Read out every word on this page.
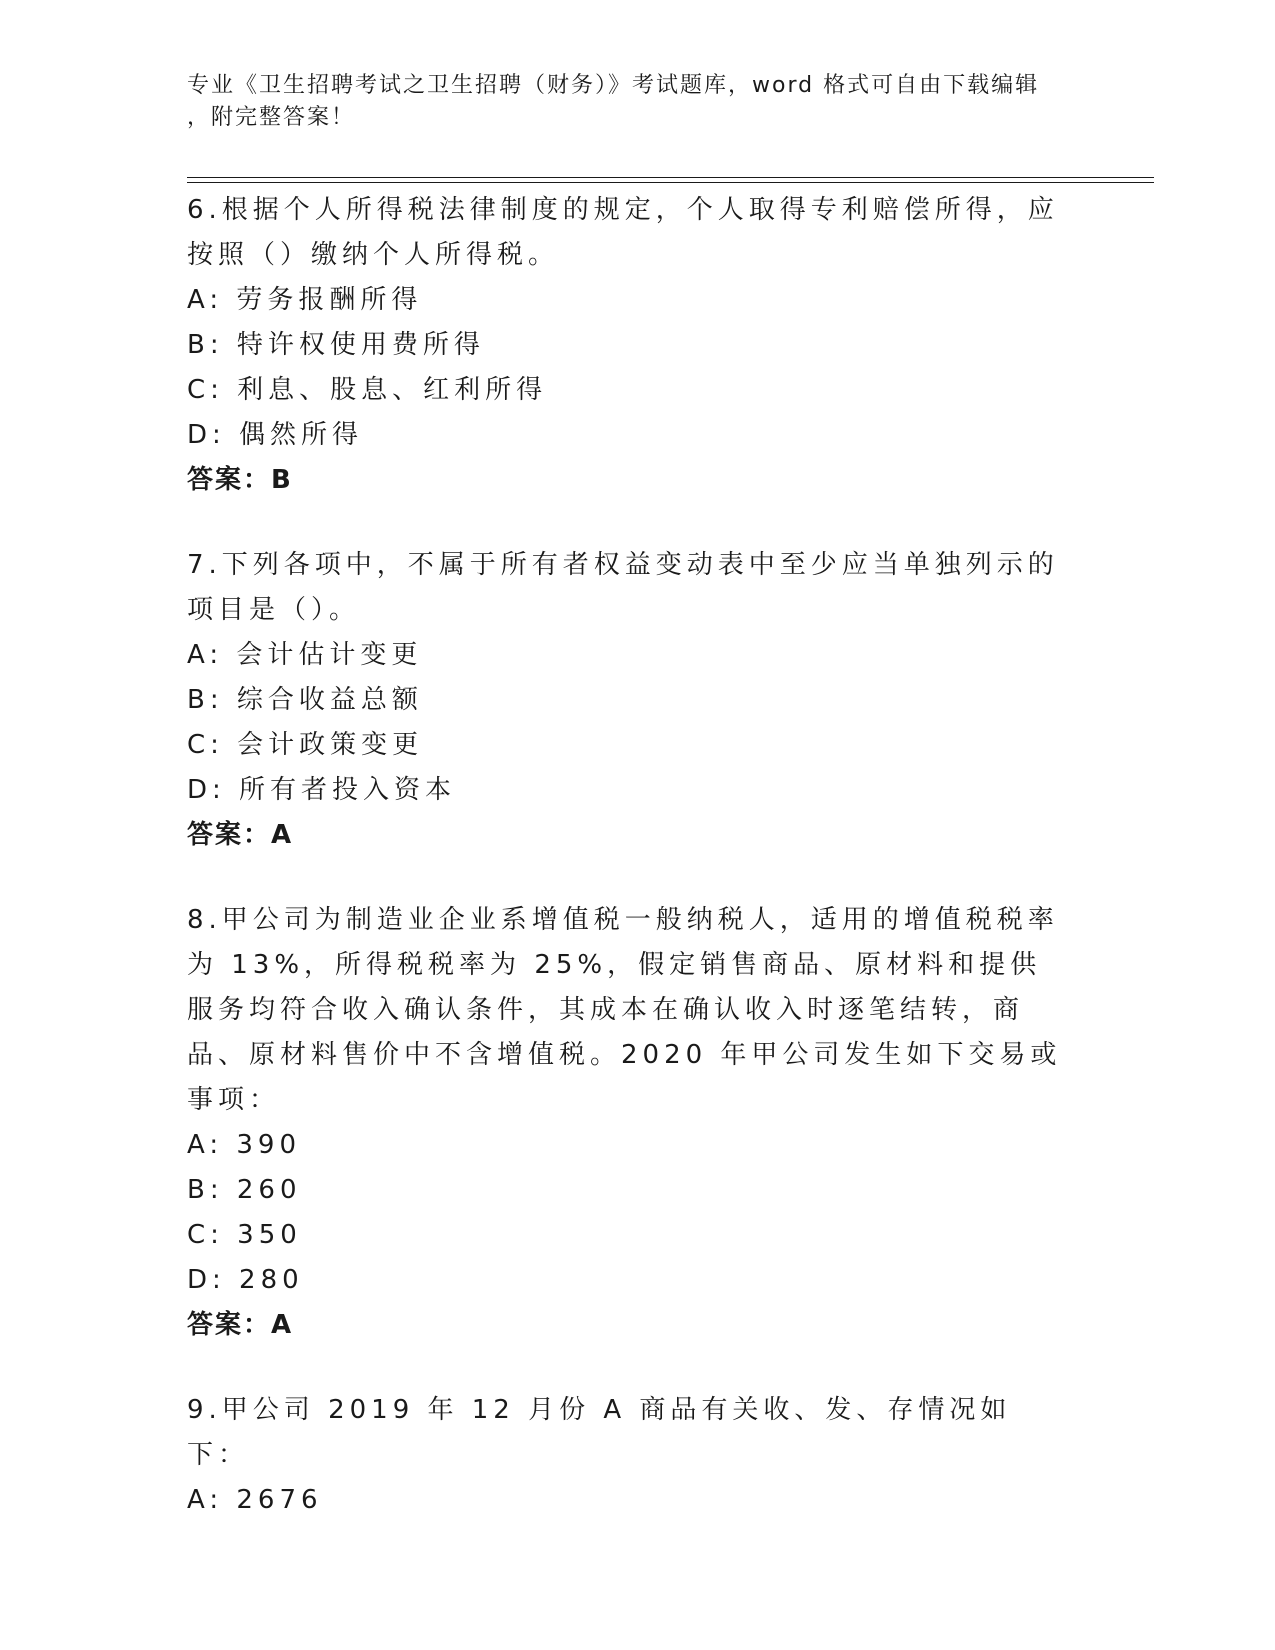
专业《卫生招聘考试之卫生招聘（财务）》考试题库，word 格式可自由下载编辑
，附完整答案！
6.根据个人所得税法律制度的规定，个人取得专利赔偿所得，应按照（）缴纳个人所得税。
A: 劳务报酬所得
B: 特许权使用费所得
C: 利息、股息、红利所得
D: 偶然所得
答案：B
7.下列各项中，不属于所有者权益变动表中至少应当单独列示的项目是（）。
A: 会计估计变更
B: 综合收益总额
C: 会计政策变更
D: 所有者投入资本
答案：A
8.甲公司为制造业企业系增值税一般纳税人，适用的增值税税率为 13%，所得税税率为 25%，假定销售商品、原材料和提供服务均符合收入确认条件，其成本在确认收入时逐笔结转，商品、原材料售价中不含增值税。2020 年甲公司发生如下交易或事项：
A: 390
B: 260
C: 350
D: 280
答案：A
9.甲公司 2019 年 12 月份 A 商品有关收、发、存情况如下：
A: 2676
